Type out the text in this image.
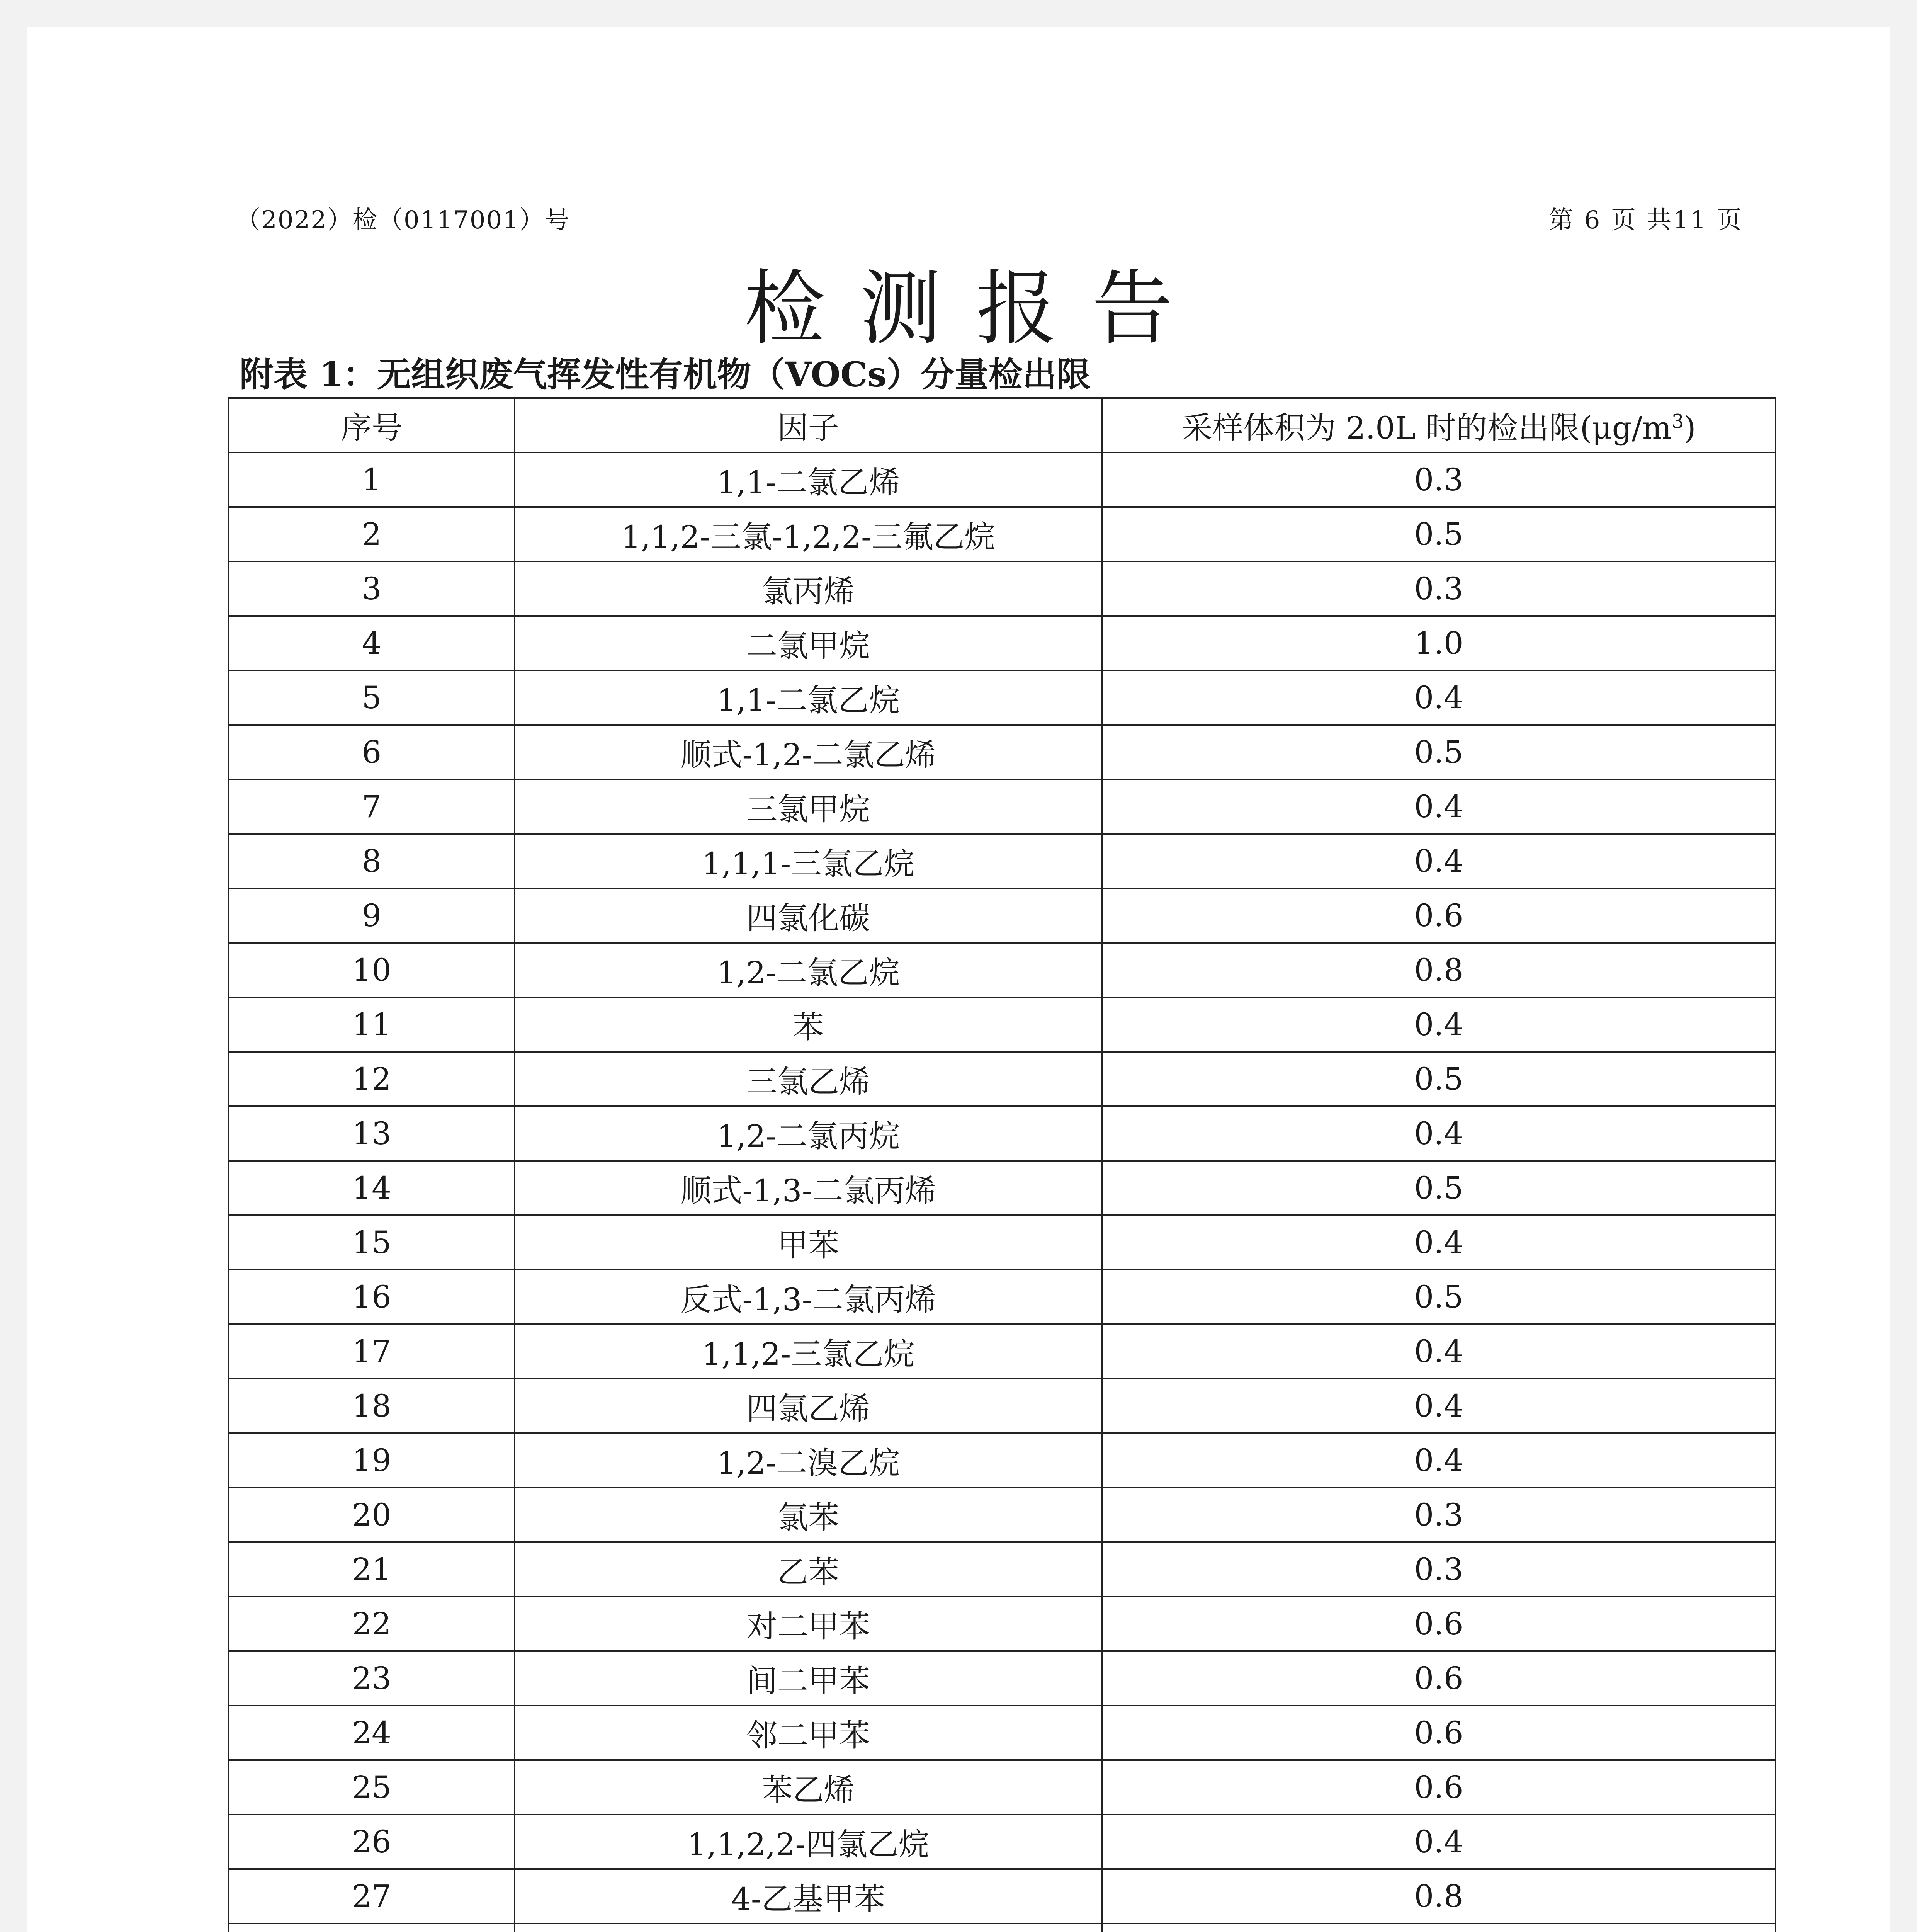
（2022）检（0117001）号	第 6 页 共11 页
检测报告
附表 1：无组织废气挥发性有机物（VOCs）分量检出限
序号	因子	采样体积为 2.0L 时的检出限$(\mu g/m^3)$
1	1,1-二氯乙烯	0.3
2	1,1,2-三氯-1,2,2-三氟乙烷	0.5
3	氯丙烯	0.3
4	二氯甲烷	1.0
5	1,1-二氯乙烷	0.4
6	顺式-1,2-二氯乙烯	0.5
7	三氯甲烷	0.4
8	1,1,1-三氯乙烷	0.4
9	四氯化碳	0.6
10	1,2-二氯乙烷	0.8
11	苯	0.4
12	三氯乙烯	0.5
13	1,2-二氯丙烷	0.4
14	顺式-1,3-二氯丙烯	0.5
15	甲苯	0.4
16	反式-1,3-二氯丙烯	0.5
17	1,1,2-三氯乙烷	0.4
18	四氯乙烯	0.4
19	1,2-二溴乙烷	0.4
20	氯苯	0.3
21	乙苯	0.3
22	对二甲苯	0.6
23	间二甲苯	0.6
24	邻二甲苯	0.6
25	苯乙烯	0.6
26	1,1,2,2-四氯乙烷	0.4
27	4-乙基甲苯	0.8
